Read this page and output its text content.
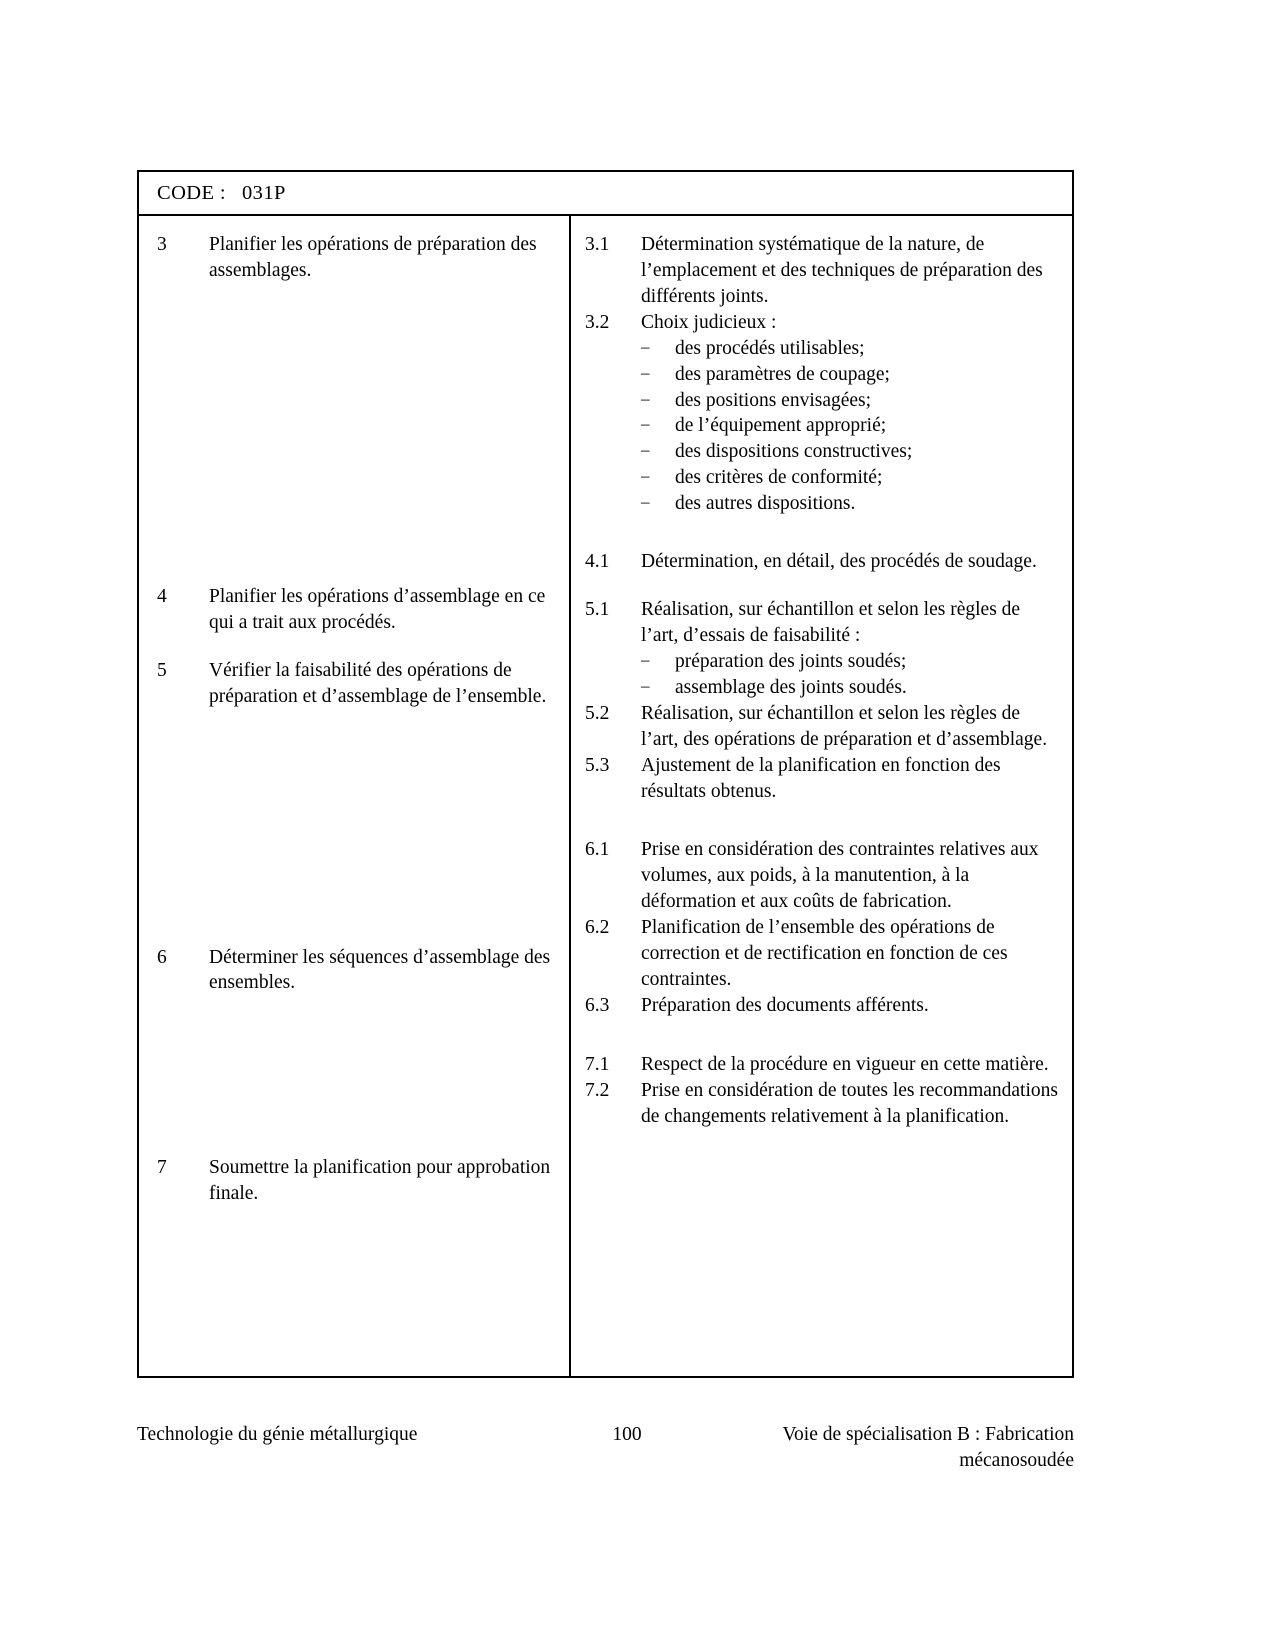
CODE : 031P
3	Planifier les opérations de préparation des assemblages.
4	Planifier les opérations d’assemblage en ce qui a trait aux procédés.
5	Vérifier la faisabilité des opérations de préparation et d’assemblage de l’ensemble.
6	Déterminer les séquences d’assemblage des ensembles.
7	Soumettre la planification pour approbation finale.
3.1	Détermination systématique de la nature, de l’emplacement et des techniques de préparation des différents joints.
3.2	Choix judicieux :
–	des procédés utilisables;
–	des paramètres de coupage;
–	des positions envisagées;
–	de l’équipement approprié;
–	des dispositions constructives;
–	des critères de conformité;
–	des autres dispositions.
4.1	Détermination, en détail, des procédés de soudage.
5.1	Réalisation, sur échantillon et selon les règles de l’art, d’essais de faisabilité :
–	préparation des joints soudés;
–	assemblage des joints soudés.
5.2	Réalisation, sur échantillon et selon les règles de l’art, des opérations de préparation et d’assemblage.
5.3	Ajustement de la planification en fonction des résultats obtenus.
6.1	Prise en considération des contraintes relatives aux volumes, aux poids, à la manutention, à la déformation et aux coûts de fabrication.
6.2	Planification de l’ensemble des opérations de correction et de rectification en fonction de ces contraintes.
6.3	Préparation des documents afférents.
7.1	Respect de la procédure en vigueur en cette matière.
7.2	Prise en considération de toutes les recommandations de changements relativement à la planification.
Technologie du génie métallurgique	100	Voie de spécialisation B : Fabrication
mécanosoudée
